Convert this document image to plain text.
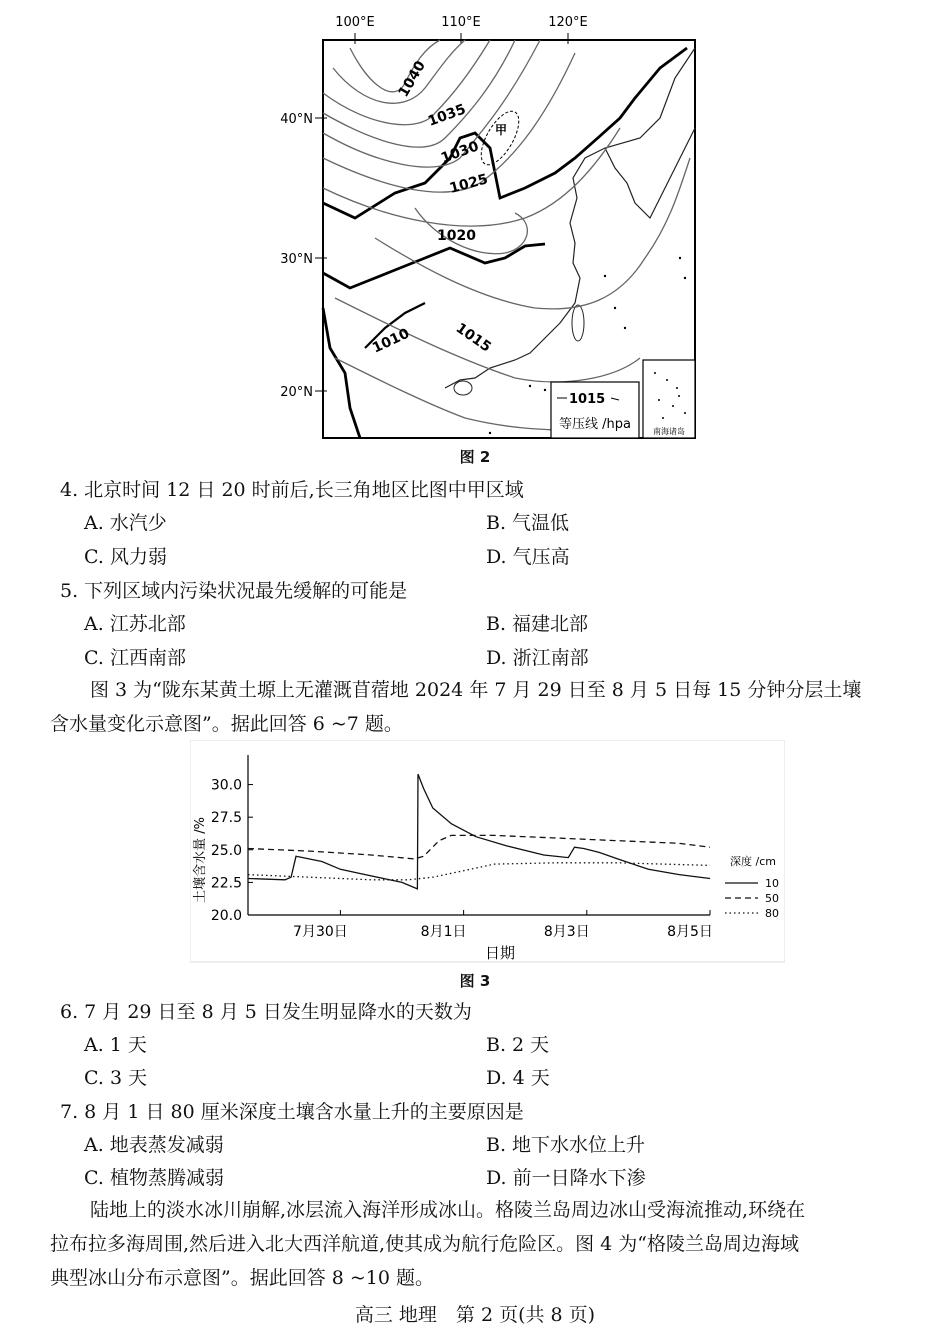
100°E	110°E	120°E
40°N
30°N
20°N
甲
1040
1035
1030
1025
1020
1015
1010
1015
等压线 /hpa	南海诸岛
图 2
4. 北京时间 12 日 20 时前后,长三角地区比图中甲区域
A. 水汽少	B. 气温低
C. 风力弱	D. 气压高
5. 下列区域内污染状况最先缓解的可能是
A. 江苏北部	B. 福建北部
C. 江西南部	D. 浙江南部
图 3 为“陇东某黄土塬上无灌溉苜蓿地 2024 年 7 月 29 日至 8 月 5 日每 15 分钟分层土壤
含水量变化示意图”。据此回答 6 ~7 题。
20.0
22.5
25.0
27.5
30.0
7月30日	8月1日	8月3日	8月5日
土壤含水量 /%
日期
深度 /cm
10
50
80
图 3
6. 7 月 29 日至 8 月 5 日发生明显降水的天数为
A. 1 天	B. 2 天
C. 3 天	D. 4 天
7. 8 月 1 日 80 厘米深度土壤含水量上升的主要原因是
A. 地表蒸发减弱	B. 地下水水位上升
C. 植物蒸腾减弱	D. 前一日降水下渗
陆地上的淡水冰川崩解,冰层流入海洋形成冰山。格陵兰岛周边冰山受海流推动,环绕在
拉布拉多海周围,然后进入北大西洋航道,使其成为航行危险区。图 4 为“格陵兰岛周边海域
典型冰山分布示意图”。据此回答 8 ~10 题。
高三 地理　第 2 页(共 8 页)
